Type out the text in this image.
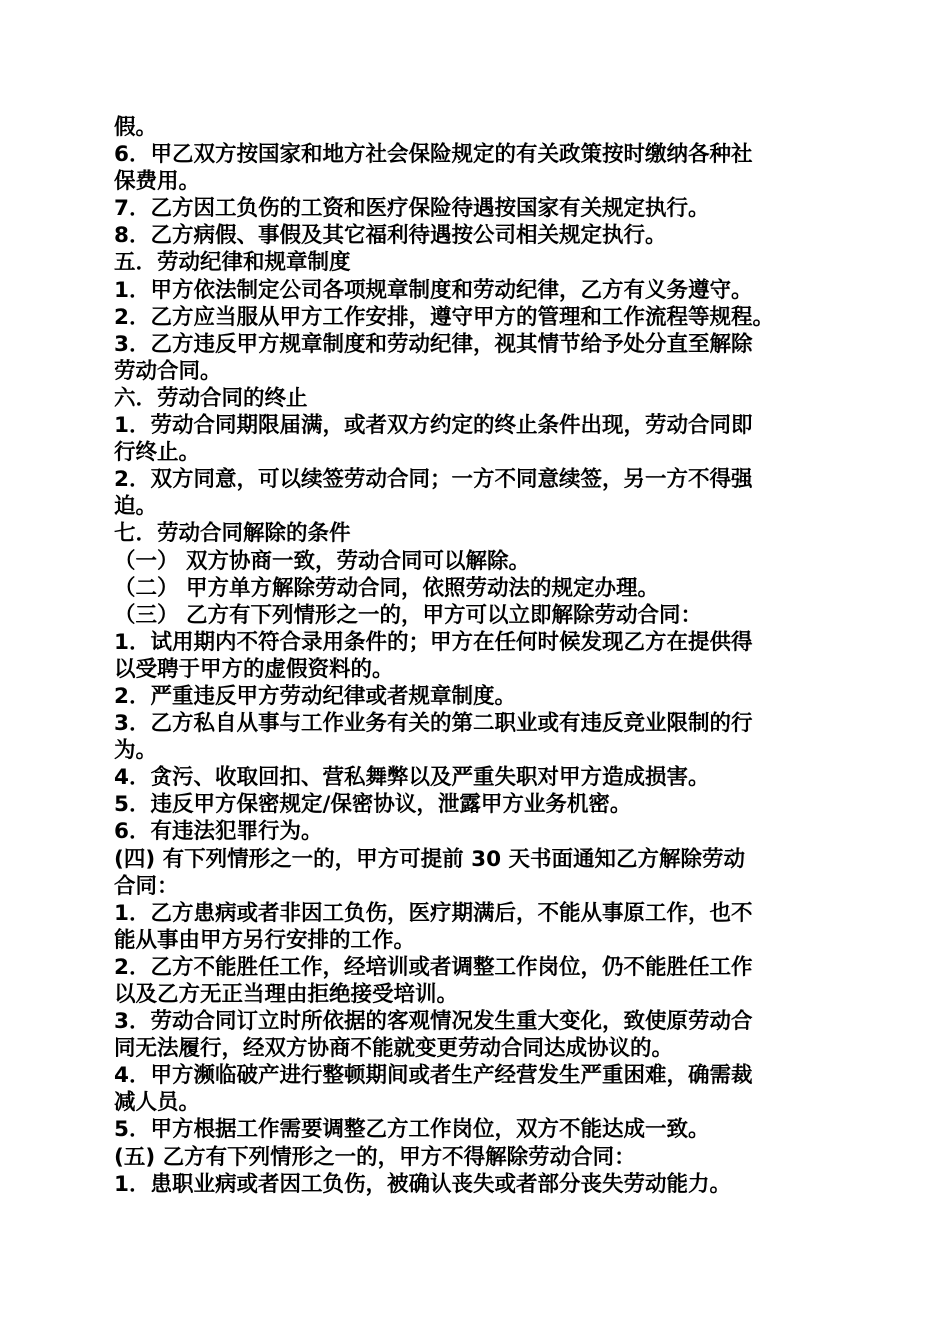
假。
6．甲乙双方按国家和地方社会保险规定的有关政策按时缴纳各种社
保费用。
7．乙方因工负伤的工资和医疗保险待遇按国家有关规定执行。
8．乙方病假、事假及其它福利待遇按公司相关规定执行。
五．劳动纪律和规章制度
1．甲方依法制定公司各项规章制度和劳动纪律，乙方有义务遵守。
2．乙方应当服从甲方工作安排，遵守甲方的管理和工作流程等规程。
3．乙方违反甲方规章制度和劳动纪律，视其情节给予处分直至解除
劳动合同。
六．劳动合同的终止
1．劳动合同期限届满，或者双方约定的终止条件出现，劳动合同即
行终止。
2．双方同意，可以续签劳动合同；一方不同意续签，另一方不得强
迫。
七．劳动合同解除的条件
（一） 双方协商一致，劳动合同可以解除。
（二） 甲方单方解除劳动合同，依照劳动法的规定办理。
（三） 乙方有下列情形之一的，甲方可以立即解除劳动合同：
1．试用期内不符合录用条件的；甲方在任何时候发现乙方在提供得
以受聘于甲方的虚假资料的。
2．严重违反甲方劳动纪律或者规章制度。
3．乙方私自从事与工作业务有关的第二职业或有违反竞业限制的行
为。
4．贪污、收取回扣、营私舞弊以及严重失职对甲方造成损害。
5．违反甲方保密规定/保密协议，泄露甲方业务机密。
6．有违法犯罪行为。
(四) 有下列情形之一的，甲方可提前 30 天书面通知乙方解除劳动
合同：
1．乙方患病或者非因工负伤，医疗期满后，不能从事原工作，也不
能从事由甲方另行安排的工作。
2．乙方不能胜任工作，经培训或者调整工作岗位，仍不能胜任工作
以及乙方无正当理由拒绝接受培训。
3．劳动合同订立时所依据的客观情况发生重大变化，致使原劳动合
同无法履行，经双方协商不能就变更劳动合同达成协议的。
4．甲方濒临破产进行整顿期间或者生产经营发生严重困难，确需裁
减人员。
5．甲方根据工作需要调整乙方工作岗位，双方不能达成一致。
(五) 乙方有下列情形之一的，甲方不得解除劳动合同：
1．患职业病或者因工负伤，被确认丧失或者部分丧失劳动能力。
